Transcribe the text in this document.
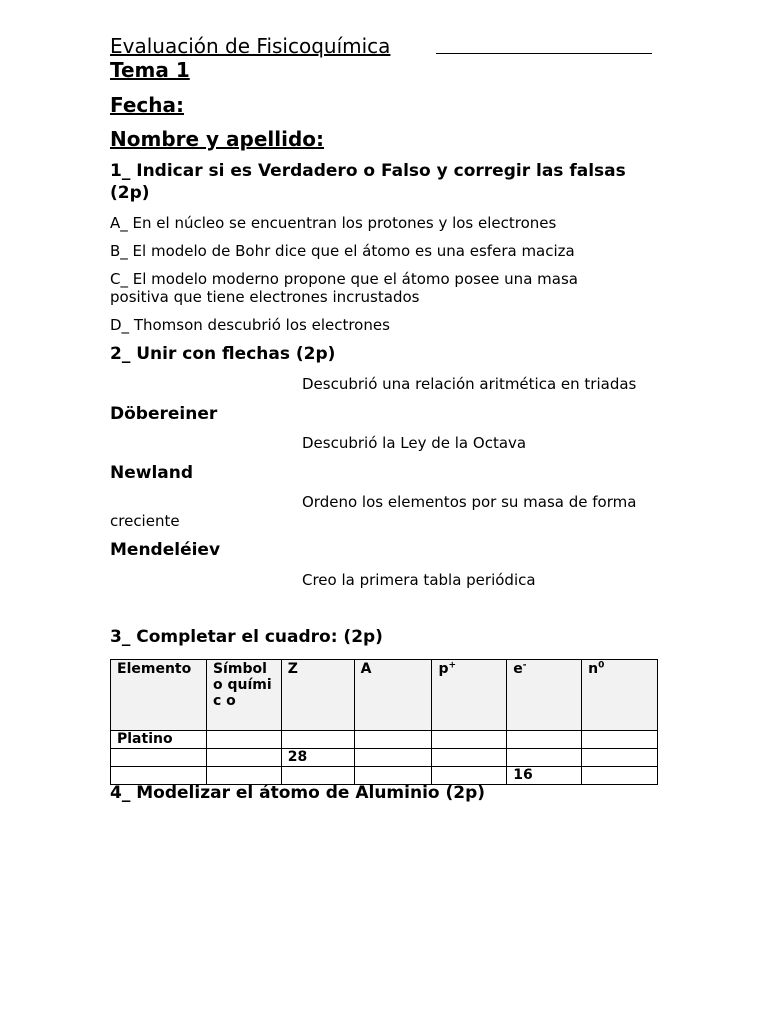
Evaluación de Fisicoquímica
Tema 1
Fecha:
Nombre y apellido:
1_ Indicar si es Verdadero o Falso y corregir las falsas
(2p)
A_ En el núcleo se encuentran los protones y los electrones
B_ El modelo de Bohr dice que el átomo es una esfera maciza
C_ El modelo moderno propone que el átomo posee una masa
positiva que tiene electrones incrustados
D_ Thomson descubrió los electrones
2_ Unir con flechas (2p)
Descubrió una relación aritmética en triadas
Döbereiner
Descubrió la Ley de la Octava
Newland
Ordeno los elementos por su masa de forma
creciente
Mendeléiev
Creo la primera tabla periódica
3_ Completar el cuadro: (2p)
Elemento	Símbol o químic o	Z	A	p+	e-	$n^0$
Platino						
		28				
					16	
4_ Modelizar el átomo de Aluminio (2p)
